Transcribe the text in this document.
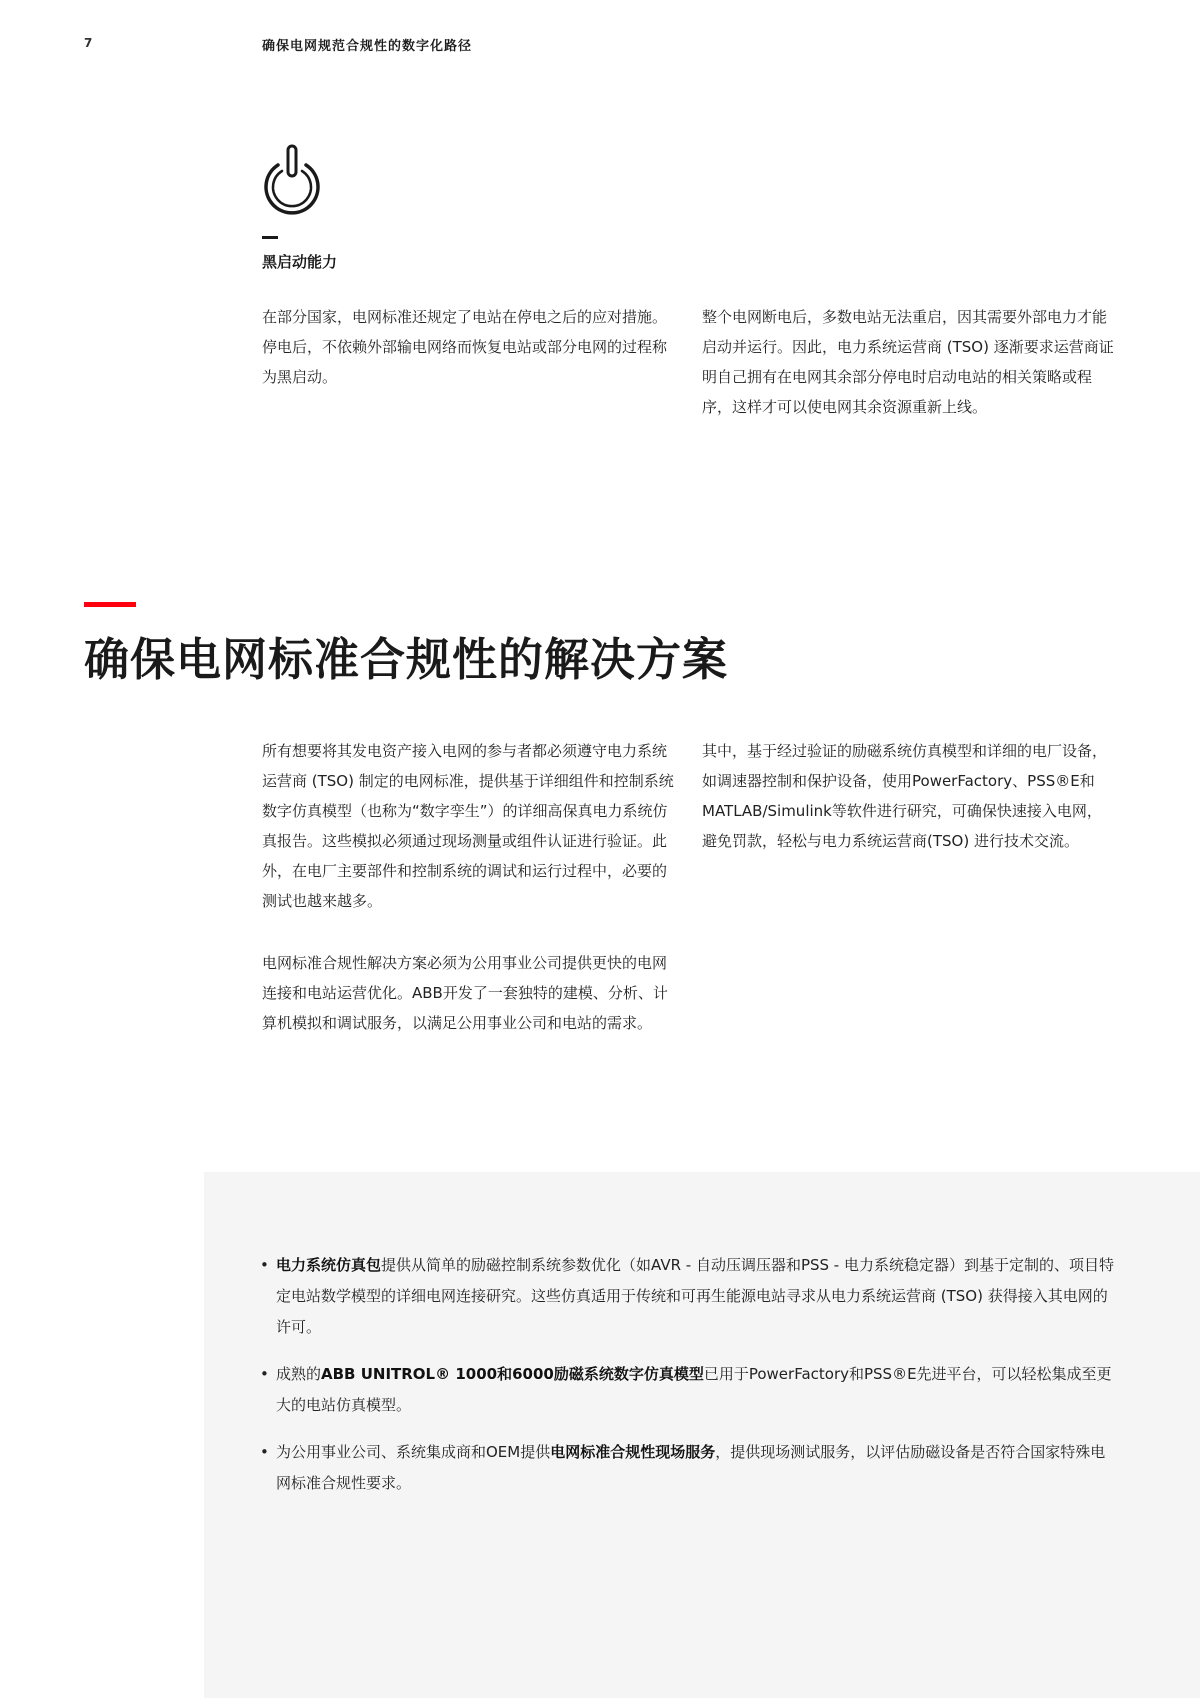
7	确保电网规范合规性的数字化路径
黑启动能力

在部分国家，电网标准还规定了电站在停电之后的应对措施。停电后，不依赖外部输电网络而恢复电站或部分电网的过程称为黑启动。

整个电网断电后，多数电站无法重启，因其需要外部电力才能启动并运行。因此，电力系统运营商 (TSO) 逐渐要求运营商证明自己拥有在电网其余部分停电时启动电站的相关策略或程序，这样才可以使电网其余资源重新上线。

确保电网标准合规性的解决方案

所有想要将其发电资产接入电网的参与者都必须遵守电力系统运营商 (TSO) 制定的电网标准，提供基于详细组件和控制系统数字仿真模型（也称为“数字孪生”）的详细高保真电力系统仿真报告。这些模拟必须通过现场测量或组件认证进行验证。此外，在电厂主要部件和控制系统的调试和运行过程中，必要的测试也越来越多。

电网标准合规性解决方案必须为公用事业公司提供更快的电网连接和电站运营优化。ABB开发了一套独特的建模、分析、计算机模拟和调试服务，以满足公用事业公司和电站的需求。

其中，基于经过验证的励磁系统仿真模型和详细的电厂设备，如调速器控制和保护设备，使用PowerFactory、PSS®E和MATLAB/Simulink等软件进行研究，可确保快速接入电网，避免罚款，轻松与电力系统运营商(TSO) 进行技术交流。

• 电力系统仿真包提供从简单的励磁控制系统参数优化（如AVR - 自动压调压器和PSS - 电力系统稳定器）到基于定制的、项目特定电站数学模型的详细电网连接研究。这些仿真适用于传统和可再生能源电站寻求从电力系统运营商 (TSO) 获得接入其电网的许可。
• 成熟的ABB UNITROL® 1000和6000励磁系统数字仿真模型已用于PowerFactory和PSS®E先进平台，可以轻松集成至更大的电站仿真模型。
• 为公用事业公司、系统集成商和OEM提供电网标准合规性现场服务，提供现场测试服务，以评估励磁设备是否符合国家特殊电网标准合规性要求。
